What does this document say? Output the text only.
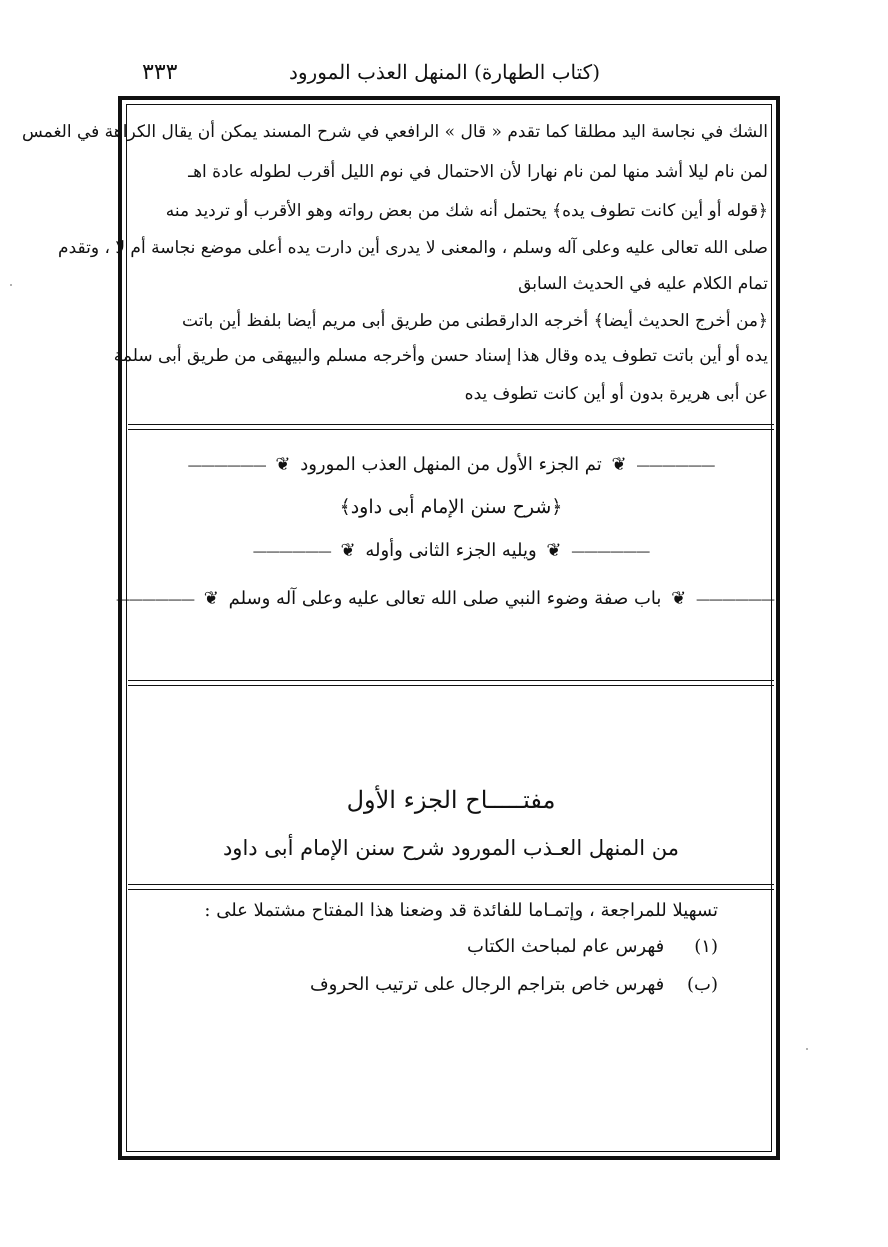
(كتاب الطهارة) المنهل العذب المورود
٣٣٣
الشك في نجاسة اليد مطلقا كما تقدم « قال » الرافعي في شرح المسند يمكن أن يقال الكراهة في الغمس
لمن نام ليلا أشد منها لمن نام نهارا لأن الاحتمال في نوم الليل أقرب لطوله عادة اهـ
﴿قوله أو أين كانت تطوف يده﴾ يحتمل أنه شك من بعض رواته وهو الأقرب أو ترديد منه
صلى الله تعالى عليه وعلى آله وسلم ، والمعنى لا يدرى أين دارت يده أعلى موضع نجاسة أم لا ، وتقدم
تمام الكلام عليه في الحديث السابق
﴿من أخرج الحديث أيضا﴾ أخرجه الدارقطنى من طريق أبى مريم أيضا بلفظ أين باتت
يده أو أين باتت تطوف يده وقال هذا إسناد حسن وأخرجه مسلم والبيهقى من طريق أبى سلمة
عن أبى هريرة بدون أو أين كانت تطوف يده
—————— ❦ تم الجزء الأول من المنهل العذب المورود ❦ ——————
﴿شرح سنن الإمام أبى داود﴾
—————— ❦ ويليه الجزء الثانى وأوله ❦ ——————
—————— ❦ باب صفة وضوء النبي صلى الله تعالى عليه وعلى آله وسلم ❦ ——————
مفتـــــاح الجزء الأول
من المنهل العـذب المورود شرح سنن الإمام أبى داود
تسهيلا للمراجعة ، وإتمـاما للفائدة قد وضعنا هذا المفتاح مشتملا على :
(١) فهرس عام لمباحث الكتاب
(ب) فهرس خاص بتراجم الرجال على ترتيب الحروف
